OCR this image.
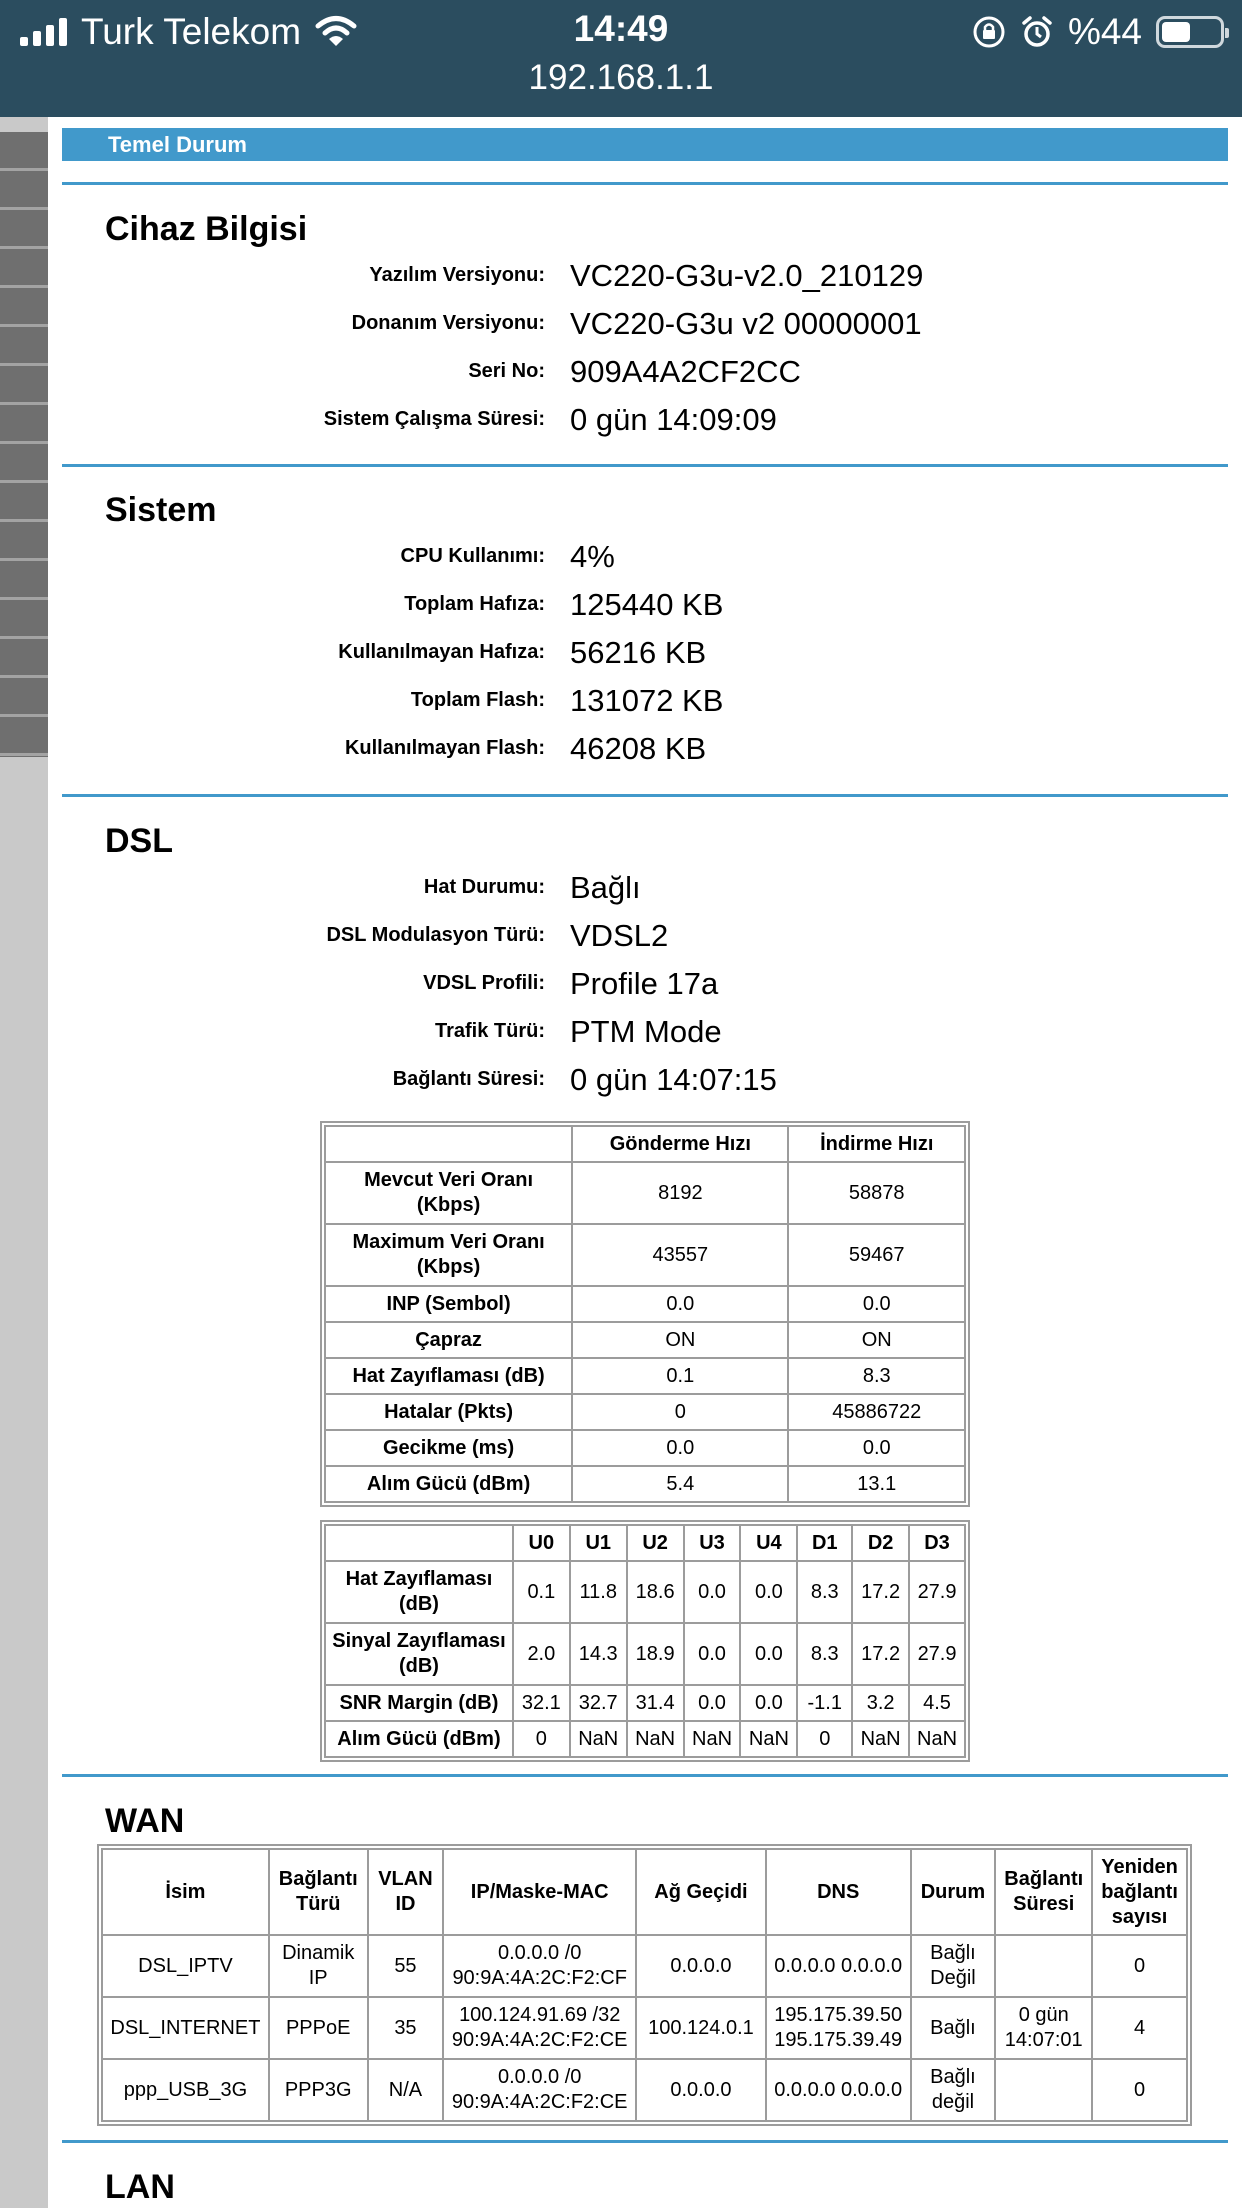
Turk Telekom	14:49	%44
192.168.1.1
Temel Durum
Cihaz Bilgisi
Yazılım Versiyonu: VC220-G3u-v2.0_210129
Donanım Versiyonu: VC220-G3u v2 00000001
Seri No: 909A4A2CF2CC
Sistem Çalışma Süresi: 0 gün 14:09:09
Sistem
CPU Kullanımı: 4%
Toplam Hafıza: 125440 KB
Kullanılmayan Hafıza: 56216 KB
Toplam Flash: 131072 KB
Kullanılmayan Flash: 46208 KB
DSL
Hat Durumu: Bağlı
DSL Modulasyon Türü: VDSL2
VDSL Profili: Profile 17a
Trafik Türü: PTM Mode
Bağlantı Süresi: 0 gün 14:07:15
	Gönderme Hızı	İndirme Hızı
Mevcut Veri Oranı (Kbps)	8192	58878
Maximum Veri Oranı (Kbps)	43557	59467
INP (Sembol)	0.0	0.0
Çapraz	ON	ON
Hat Zayıflaması (dB)	0.1	8.3
Hatalar (Pkts)	0	45886722
Gecikme (ms)	0.0	0.0
Alım Gücü (dBm)	5.4	13.1
	U0	U1	U2	U3	U4	D1	D2	D3
Hat Zayıflaması (dB)	0.1	11.8	18.6	0.0	0.0	8.3	17.2	27.9
Sinyal Zayıflaması (dB)	2.0	14.3	18.9	0.0	0.0	8.3	17.2	27.9
SNR Margin (dB)	32.1	32.7	31.4	0.0	0.0	-1.1	3.2	4.5
Alım Gücü (dBm)	0	NaN	NaN	NaN	NaN	0	NaN	NaN
WAN
İsim	Bağlantı Türü	VLAN ID	IP/Maske-MAC	Ağ Geçidi	DNS	Durum	Bağlantı Süresi	Yeniden bağlantı sayısı
DSL_IPTV	Dinamik IP	55	0.0.0.0 /0 90:9A:4A:2C:F2:CF	0.0.0.0	0.0.0.0 0.0.0.0	Bağlı Değil		0
DSL_INTERNET	PPPoE	35	100.124.91.69 /32 90:9A:4A:2C:F2:CE	100.124.0.1	195.175.39.50 195.175.39.49	Bağlı	0 gün 14:07:01	4
ppp_USB_3G	PPP3G	N/A	0.0.0.0 /0 90:9A:4A:2C:F2:CE	0.0.0.0	0.0.0.0 0.0.0.0	Bağlı değil		0
LAN
